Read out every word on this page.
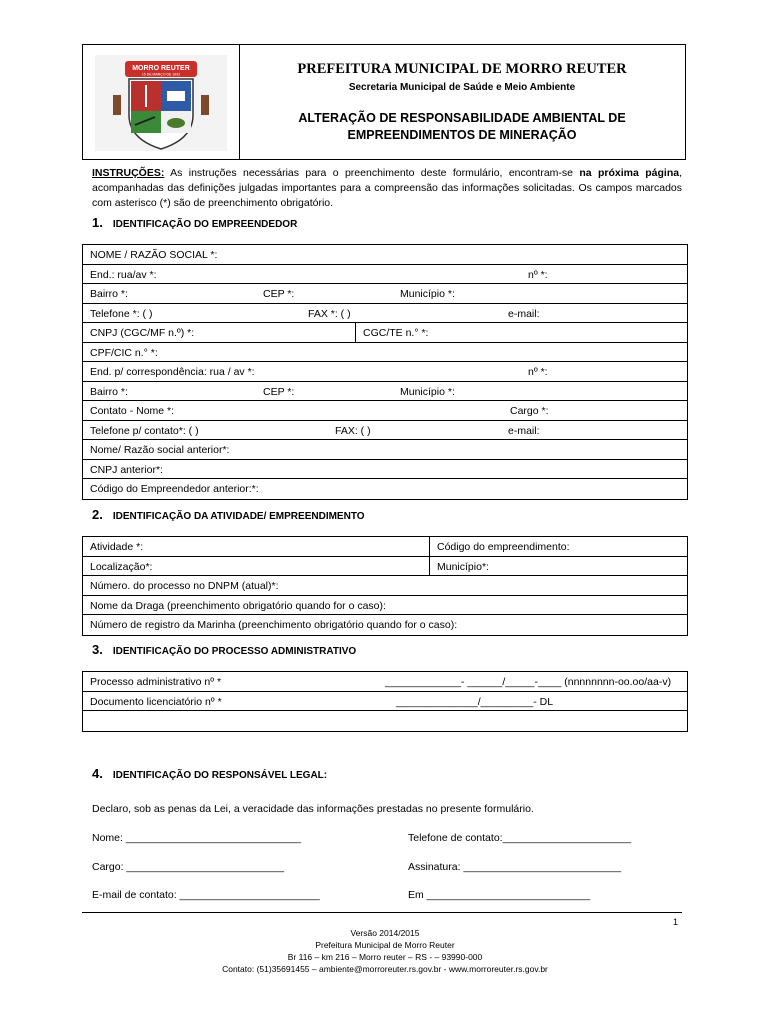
MORRO REUTER
15 DE MARÇO DE 1992	PREFEITURA MUNICIPAL DE MORRO REUTER
Secretaria Municipal de Saúde e Meio Ambiente
ALTERAÇÃO DE RESPONSABILIDADE AMBIENTAL DE
EMPREENDIMENTOS DE MINERAÇÃO
INSTRUÇÕES: As instruções necessárias para o preenchimento deste formulário, encontram-se na próxima página, acompanhadas das definições julgadas importantes para a compreensão das informações solicitadas. Os campos marcados com asterisco (*) são de preenchimento obrigatório.
1. IDENTIFICAÇÃO DO EMPREENDEDOR
NOME / RAZÃO SOCIAL *:
End.: rua/av *:	nº *:
Bairro *:	CEP *:	Município *:
Telefone *: ( )	FAX *: ( )	e-mail:
CNPJ (CGC/MF n.º) *:	CGC/TE n.° *:
CPF/CIC n.° *:
End. p/ correspondência: rua / av *:	nº *:
Bairro *:	CEP *:	Município *:
Contato - Nome *:	Cargo *:
Telefone p/ contato*: ( )	FAX: ( )	e-mail:
Nome/ Razão social anterior*:
CNPJ anterior*:
Código do Empreendedor anterior:*:
2. IDENTIFICAÇÃO DA ATIVIDADE/ EMPREENDIMENTO
Atividade *:	Código do empreendimento:
Localização*:	Município*:
Número. do processo no DNPM (atual)*:
Nome da Draga (preenchimento obrigatório quando for o caso):
Número de registro da Marinha (preenchimento obrigatório quando for o caso):
3. IDENTIFICAÇÃO DO PROCESSO ADMINISTRATIVO
Processo administrativo nº *	_____________- ______/_____-____ (nnnnnnnn-oo.oo/aa-v)
Documento licenciatório nº *	______________/_________- DL
4. IDENTIFICAÇÃO DO RESPONSÁVEL LEGAL:
Declaro, sob as penas da Lei, a veracidade das informações prestadas no presente formulário.
Nome: ______________________________	Telefone de contato:______________________
Cargo: ___________________________	Assinatura: ___________________________
E-mail de contato: ________________________	Em ____________________________
1
Versão 2014/2015
Prefeitura Municipal de Morro Reuter
Br 116 – km 216 – Morro reuter – RS - – 93990-000
Contato: (51)35691455 – ambiente@morroreuter.rs.gov.br - www.morroreuter.rs.gov.br
